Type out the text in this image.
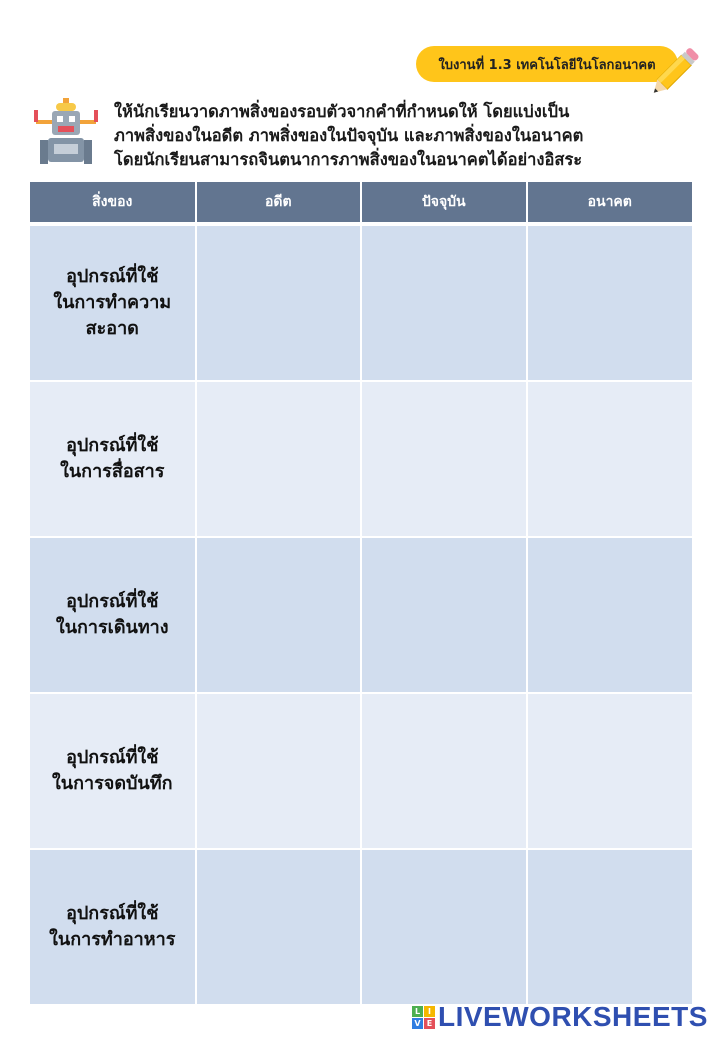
ใบงานที่ 1.3 เทคโนโลยีในโลกอนาคต
ให้นักเรียนวาดภาพสิ่งของรอบตัวจากคำที่กำหนดให้ โดยแบ่งเป็น
ภาพสิ่งของในอดีต ภาพสิ่งของในปัจจุบัน และภาพสิ่งของในอนาคต
โดยนักเรียนสามารถจินตนาการภาพสิ่งของในอนาคตได้อย่างอิสระ
สิ่งของ	อดีต	ปัจจุบัน	อนาคต

อุปกรณ์ที่ใช้
ในการทำความ
สะอาด			

อุปกรณ์ที่ใช้
ในการสื่อสาร			

อุปกรณ์ที่ใช้
ในการเดินทาง			

อุปกรณ์ที่ใช้
ในการจดบันทึก			

อุปกรณ์ที่ใช้
ในการทำอาหาร			

L I
V E LIVEWORKSHEETS
